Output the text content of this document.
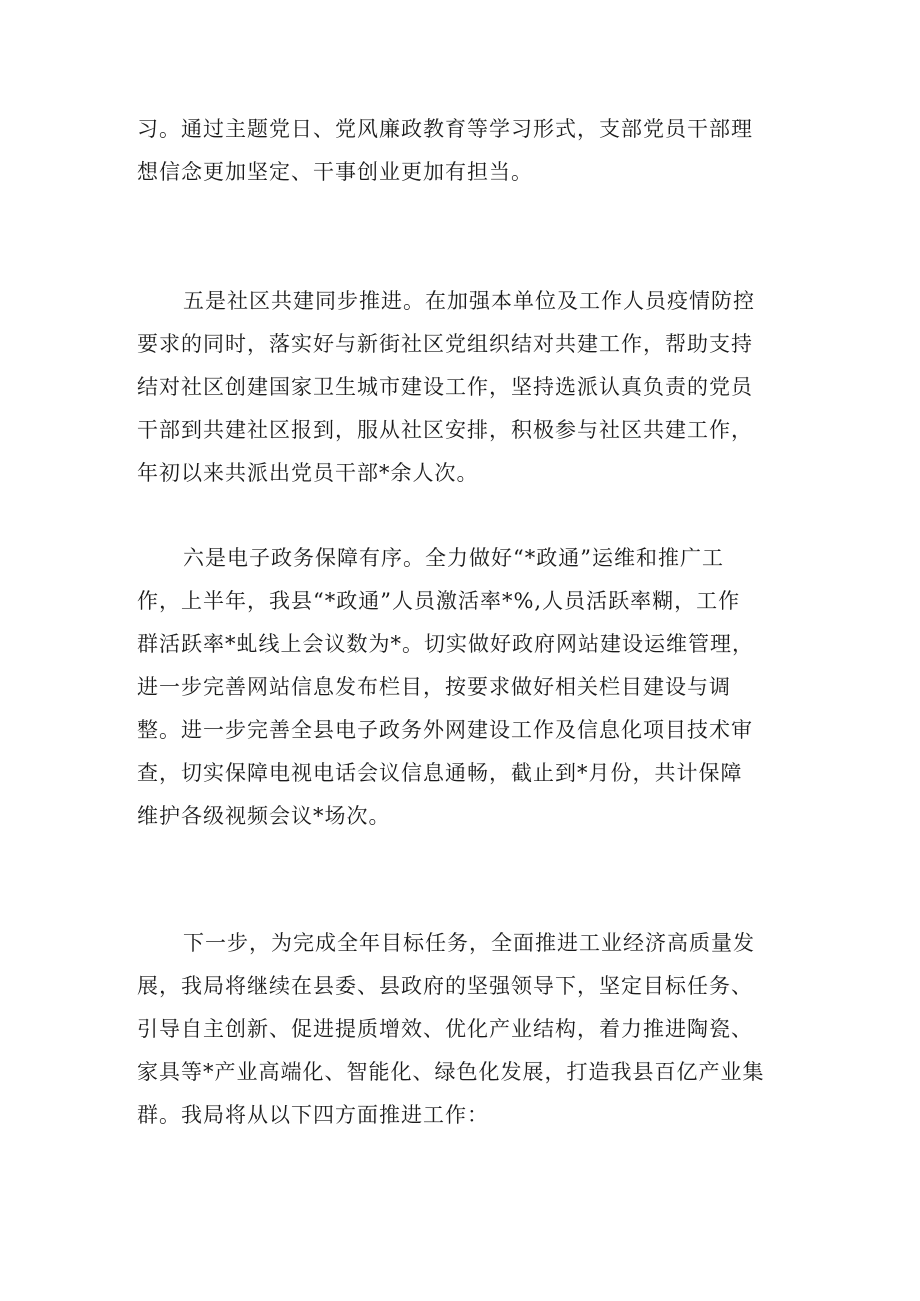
习。通过主题党日、党风廉政教育等学习形式，支部党员干部理
想信念更加坚定、干事创业更加有担当。
五是社区共建同步推进。在加强本单位及工作人员疫情防控
要求的同时，落实好与新街社区党组织结对共建工作，帮助支持
结对社区创建国家卫生城市建设工作，坚持选派认真负责的党员
干部到共建社区报到，服从社区安排，积极参与社区共建工作，
年初以来共派出党员干部*余人次。
六是电子政务保障有序。全力做好“*政通”运维和推广工
作，上半年，我县“*政通”人员激活率*%,人员活跃率糊，工作
群活跃率*虬线上会议数为*。切实做好政府网站建设运维管理，
进一步完善网站信息发布栏目，按要求做好相关栏目建设与调
整。进一步完善全县电子政务外网建设工作及信息化项目技术审
查，切实保障电视电话会议信息通畅，截止到*月份，共计保障
维护各级视频会议*场次。
下一步，为完成全年目标任务，全面推进工业经济高质量发
展，我局将继续在县委、县政府的坚强领导下，坚定目标任务、
引导自主创新、促进提质增效、优化产业结构，着力推进陶瓷、
家具等*产业高端化、智能化、绿色化发展，打造我县百亿产业集
群。我局将从以下四方面推进工作：
